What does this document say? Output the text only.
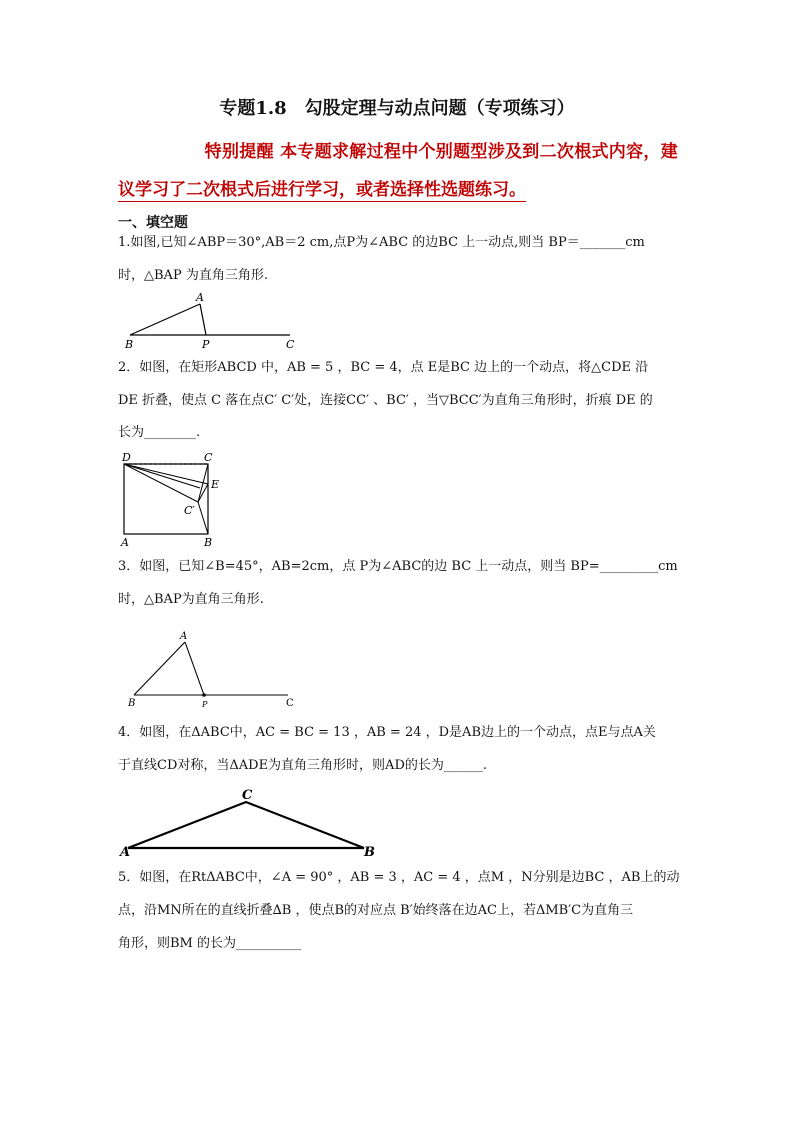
专题1.8　勾股定理与动点问题（专项练习）
特别提醒 本专题求解过程中个别题型涉及到二次根式内容，建
议学习了二次根式后进行学习，或者选择性选题练习。
一、填空题
1.如图,已知∠ABP＝30°,AB＝2 cm,点P为∠ABC 的边BC 上一动点,则当 BP＝_______cm
时，△BAP 为直角三角形.
A
B	P	C
2．如图，在矩形ABCD 中，AB = 5 ，BC = 4，点 E是BC 边上的一个动点，将△CDE 沿
DE 折叠，使点 C 落在点C′ C′处，连接CC′ 、BC′ ，当▽BCC′为直角三角形时，折痕 DE 的
长为________.
D	C
E
C′
A	B
3．如图，已知∠B=45°，AB=2cm，点 P为∠ABC的边 BC 上一动点，则当 BP=_________cm
时，△BAP为直角三角形.
A
B	P	C
4．如图，在ΔABC中，AC = BC = 13 ，AB = 24 ，D是AB边上的一个动点，点E与点A关
于直线CD对称，当ΔADE为直角三角形时，则AD的长为______.
C
A	B
5．如图，在RtΔABC中，∠A = 90° ，AB = 3 ，AC = 4 ，点M ，N分别是边BC ，AB上的动
点，沿MN所在的直线折叠∆B ，使点B的对应点 B′始终落在边AC上，若ΔMB′C为直角三
角形，则BM 的长为__________
